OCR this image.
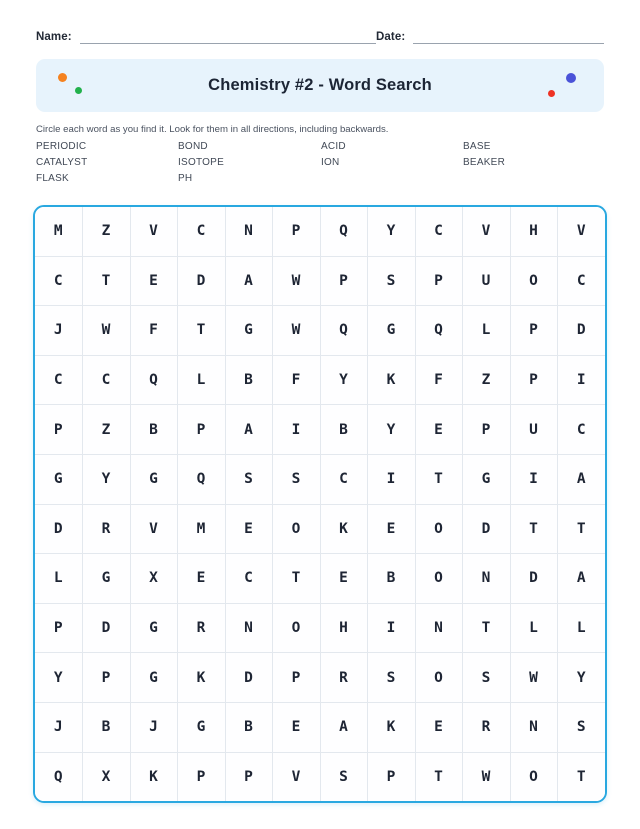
Name:	Date:
Chemistry #2 - Word Search
Circle each word as you find it. Look for them in all directions, including backwards.
PERIODIC	BOND	ACID	BASE
CATALYST	ISOTOPE	ION	BEAKER
FLASK	PH
M	Z	V	C	N	P	Q	Y	C	V	H	V
C	T	E	D	A	W	P	S	P	U	O	C
J	W	F	T	G	W	Q	G	Q	L	P	D
C	C	Q	L	B	F	Y	K	F	Z	P	I
P	Z	B	P	A	I	B	Y	E	P	U	C
G	Y	G	Q	S	S	C	I	T	G	I	A
D	R	V	M	E	O	K	E	O	D	T	T
L	G	X	E	C	T	E	B	O	N	D	A
P	D	G	R	N	O	H	I	N	T	L	L
Y	P	G	K	D	P	R	S	O	S	W	Y
J	B	J	G	B	E	A	K	E	R	N	S
Q	X	K	P	P	V	S	P	T	W	O	T
